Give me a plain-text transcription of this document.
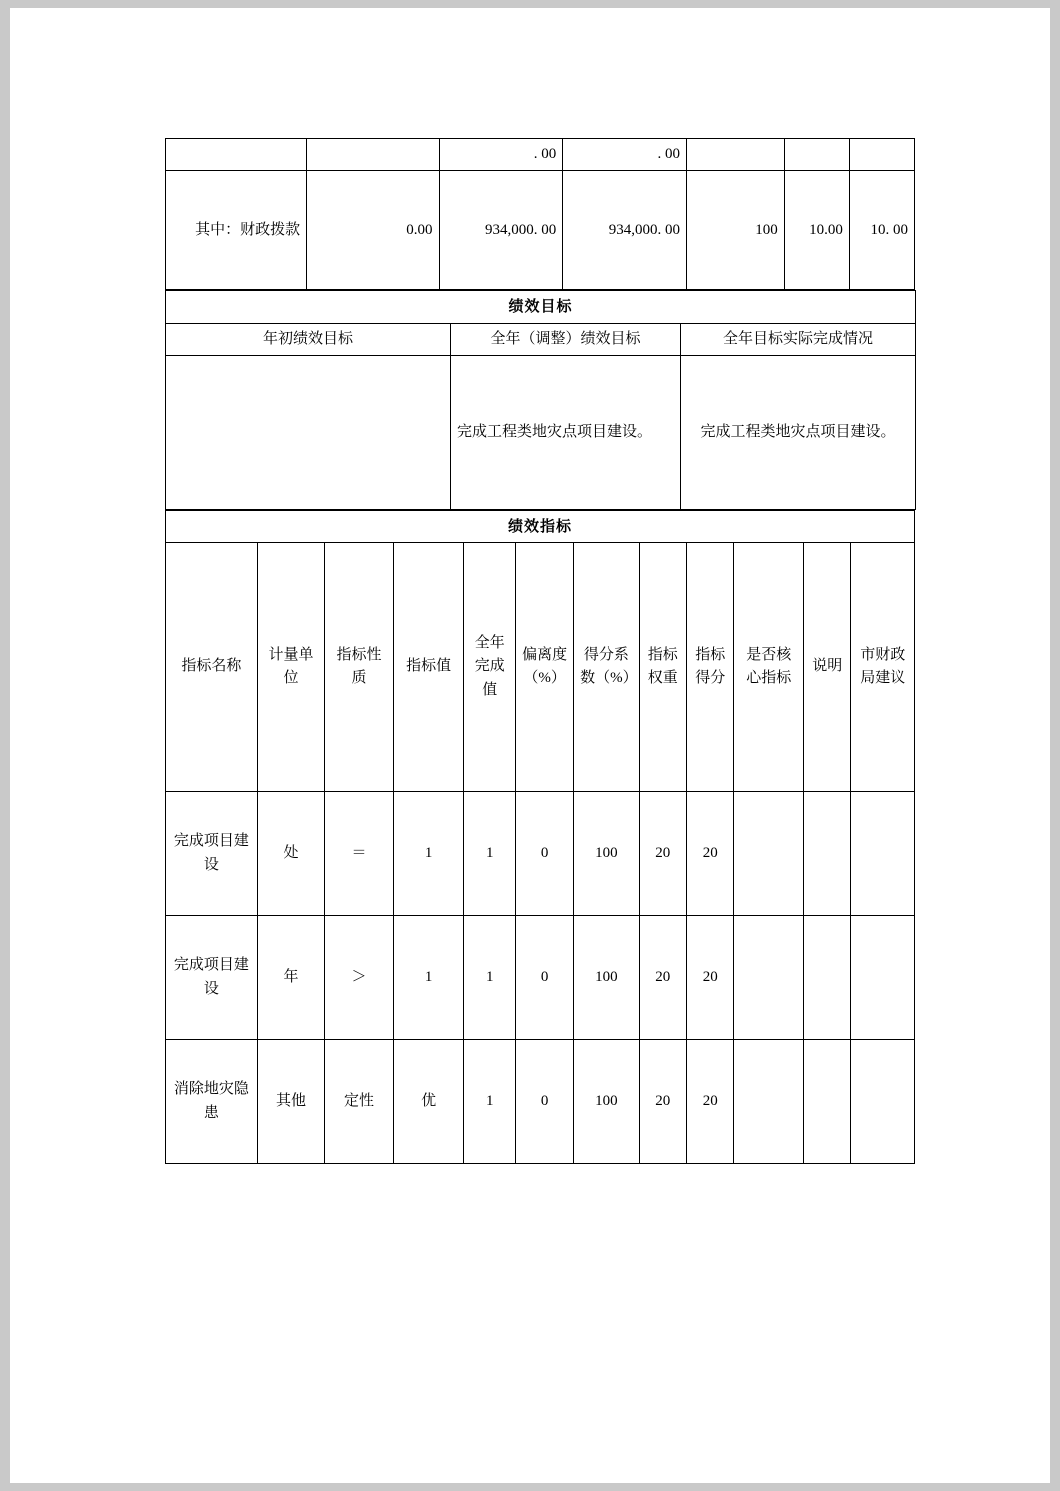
		. 00	. 00			
其中：财政拨款	0.00	934,000. 00	934,000. 00	100	10.00	10. 00
绩效目标		
年初绩效目标	全年（调整）绩效目标	全年目标实际完成情况
	完成工程类地灾点项目建设。	完成工程类地灾点项目建设。
绩效指标											
指标名称	计量单位	指标性质	指标值	全年完成值	偏离度（%）	得分系数（%）	指标权重	指标得分	是否核心指标	说明	市财政局建议
完成项目建设	处	＝	1	1	0	100	20	20			
完成项目建设	年	＞	1	1	0	100	20	20			
消除地灾隐患	其他	定性	优	1	0	100	20	20			
